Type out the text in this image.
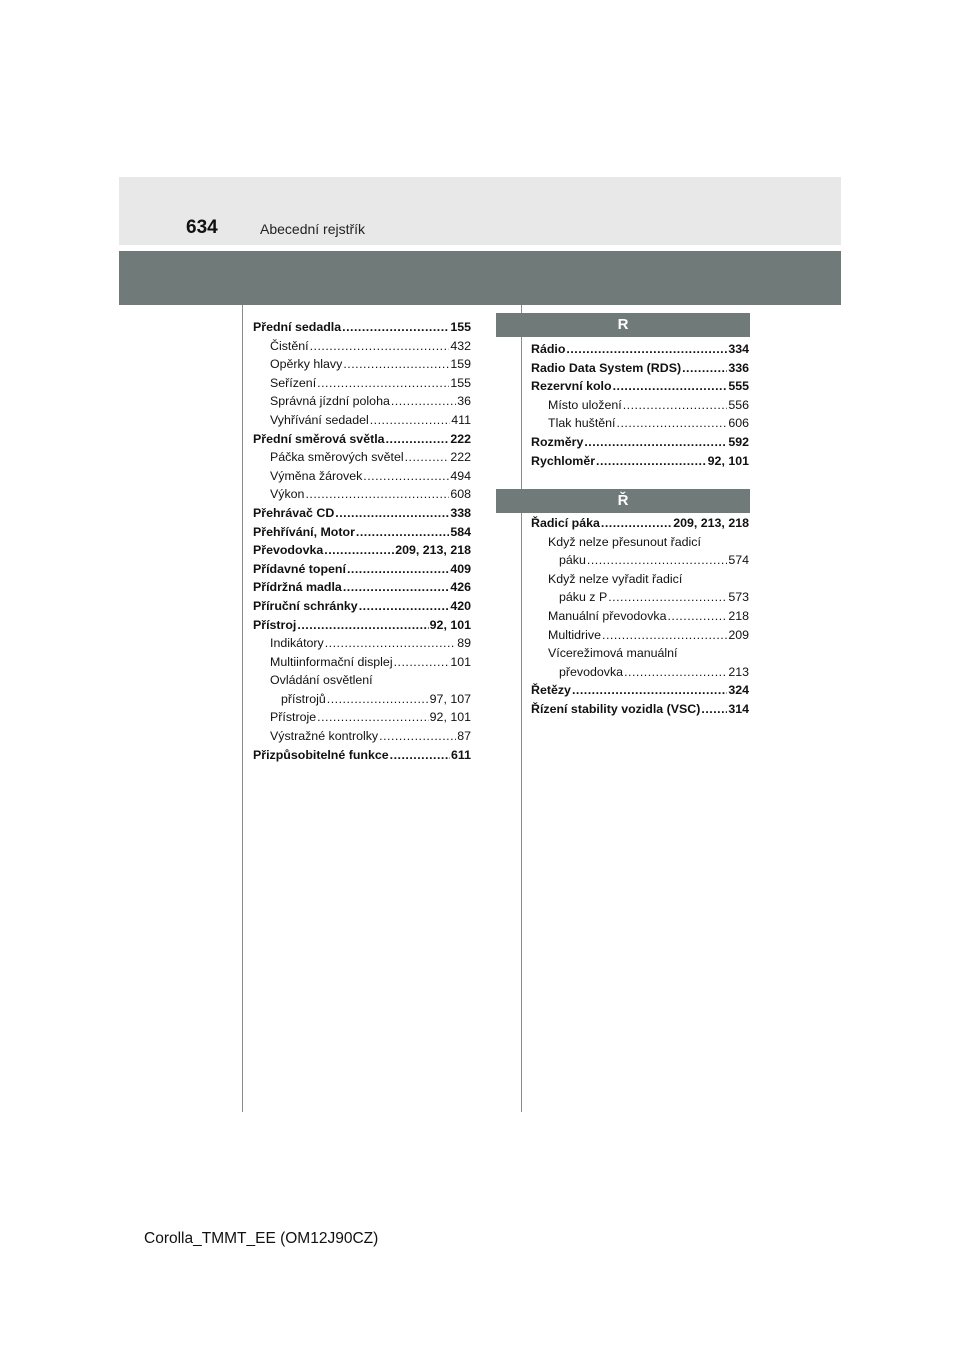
634	Abecední rejstřík
Přední sedadla .....	155
Čistění .....	432
Opěrky hlavy .....	159
Seřízení .....	155
Správná jízdní poloha .....	36
Vyhřívání sedadel .....	411
Přední směrová světla .....	222
Páčka směrových světel .....	222
Výměna žárovek .....	494
Výkon .....	608
Přehrávač CD .....	338
Přehřívání, Motor .....	584
Převodovka .....	209, 213, 218
Přídavné topení .....	409
Přídržná madla .....	426
Příruční schránky .....	420
Přístroj .....	92, 101
Indikátory .....	89
Multiinformační displej .....	101
Ovládání osvětlení
přístrojů .....	97, 107
Přístroje .....	92, 101
Výstražné kontrolky .....	87
Přizpůsobitelné funkce .....	611
R
Rádio .....	334
Radio Data System (RDS) .....	336
Rezervní kolo .....	555
Místo uložení .....	556
Tlak huštění .....	606
Rozměry .....	592
Rychloměr .....	92, 101
Ř
Řadicí páka .....	209, 213, 218
Když nelze přesunout řadicí
páku .....	574
Když nelze vyřadit řadicí
páku z P .....	573
Manuální převodovka .....	218
Multidrive .....	209
Vícerežimová manuální
převodovka .....	213
Řetězy .....	324
Řízení stability vozidla (VSC) ..... 314
Corolla_TMMT_EE (OM12J90CZ)
